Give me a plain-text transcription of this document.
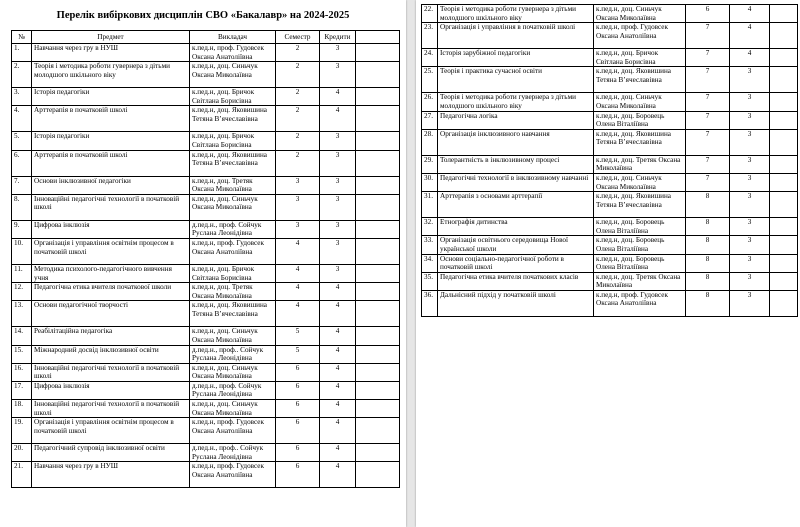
Перелік вибіркових дисциплін СВО «Бакалавр» на 2024-2025
№	Предмет	Викладач	Семестр	Кредити	
1.	Навчання через гру в НУШ	к.пед.н, проф. Гудовсек Оксана Анатоліївна	2	3	
2.	Теорія і методика роботи гувернера з дітьми молодшого шкільного віку	к.пед.н, доц. Синьчук Оксана Миколаївна	2	3	
3.	Історія педагогіки	к.пед.н, доц. Бричок Світлана Борисівна	2	4	
4.	Арттерапія в початковій школі	к.пед.н, доц. Яковишина Тетяна В’ячеславівна	2	4	
5.	Історія педагогіки	к.пед.н, доц. Бричок Світлана Борисівна	2	3	
6.	Арттерапія в початковій школі	к.пед.н, доц. Яковишина Тетяна В’ячеславівна	2	3	
7.	Основи інклюзивної педагогіки	к.пед.н, доц. Третяк Оксана Миколаївна	3	3	
8.	Інноваційні педагогічні технології в початковій школі	к.пед.н, доц. Синьчук Оксана Миколаївна	3	3	
9.	Цифрова інклюзія	д.пед.н., проф. Сойчук Руслана Леонідівна	3	3	
10.	Організація і управління освітнім процесом в початковій школі	к.пед.н, проф. Гудовсек Оксана Анатоліївна	4	3	
11.	Методика психолого-педагогічного вивчення учня	к.пед.н, доц. Бричок Світлана Борисівна	4	3	
12.	Педагогічна етика вчителя початкової школи	к.пед.н, доц. Третяк Оксана Миколаївна	4	4	
13.	Основи педагогічної творчості	к.пед.н, доц. Яковишина Тетяна В’ячеславівна	4	4	
14.	Реабілітаційна педагогіка	к.пед.н, доц. Синьчук Оксана Миколаївна	5	4	
15.	Міжнародний досвід інклюзивної освіти	д.пед.н., проф.. Сойчук Руслана Леонідівна	5	4	
16.	Інноваційні педагогічні технології в початковій школі	к.пед.н, доц. Синьчук Оксана Миколаївна	6	4	
17.	Цифрова інклюзія	д.пед.н., проф. Сойчук Руслана Леонідівна	6	4	
18.	Інноваційні педагогічні технології в початковій школі	к.пед.н, доц. Синьчук Оксана Миколаївна	6	4	
19.	Організація і управління освітнім процесом в початковій школі	к.пед.н, проф. Гудовсек Оксана Анатоліївна	6	4	
20.	Педагогічний супровід інклюзивної освіти	д.пед.н., проф.. Сойчук Руслана Леонідівна	6	4	
21.	Навчання через гру в НУШ	к.пед.н, проф. Гудовсек Оксана Анатоліївна	6	4	
22.	Теорія і методика роботи гувернера з дітьми молодшого шкільного віку	к.пед.н, доц. Синьчук Оксана Миколаївна	6	4	
23.	Організація і управління в початковій школі	к.пед.н, проф. Гудовсек Оксана Анатоліївна	7	4	
24.	Історія зарубіжної педагогіки	к.пед.н, доц. Бричок Світлана Борисівна	7	4	
25.	Теорія і практика сучасної освіти	к.пед.н, доц. Яковишина Тетяна В’ячеславівна	7	3	
26.	Теорія і методика роботи гувернера з дітьми молодшого шкільного віку	к.пед.н, доц. Синьчук Оксана Миколаївна	7	3	
27.	Педагогічна логіка	к.пед.н, доц. Боровець Олена Віталіївна	7	3	
28.	Організація інклюзивного навчання	к.пед.н, доц. Яковишина Тетяна В’ячеславівна	7	3	
29.	Толерантність в інклюзивному процесі	к.пед.н, доц. Третяк Оксана Миколаївна	7	3	
30.	Педагогічні технології в інклюзивному навчанні	к.пед.н, доц. Синьчук Оксана Миколаївна	7	3	
31.	Арттерапія з основами арттерапії	к.пед.н, доц. Яковишина Тетяна В’ячеславівна	8	3	
32.	Етнографія дитинства	к.пед.н, доц. Боровець Олена Віталіївна	8	3	
33.	Організація освітнього середовища Нової української школи	к.пед.н, доц. Боровець Олена Віталіївна	8	3	
34.	Основи соціально-педагогічної роботи в початковій школі	к.пед.н, доц. Боровець Олена Віталіївна	8	3	
35.	Педагогічна етика вчителя початкових класів	к.пед.н, доц. Третяк Оксана Миколаївна	8	3	
36.	Дальнісний підхід у початковій школі	к.пед.н, проф. Гудовсек Оксана Анатоліївна	8	3	
